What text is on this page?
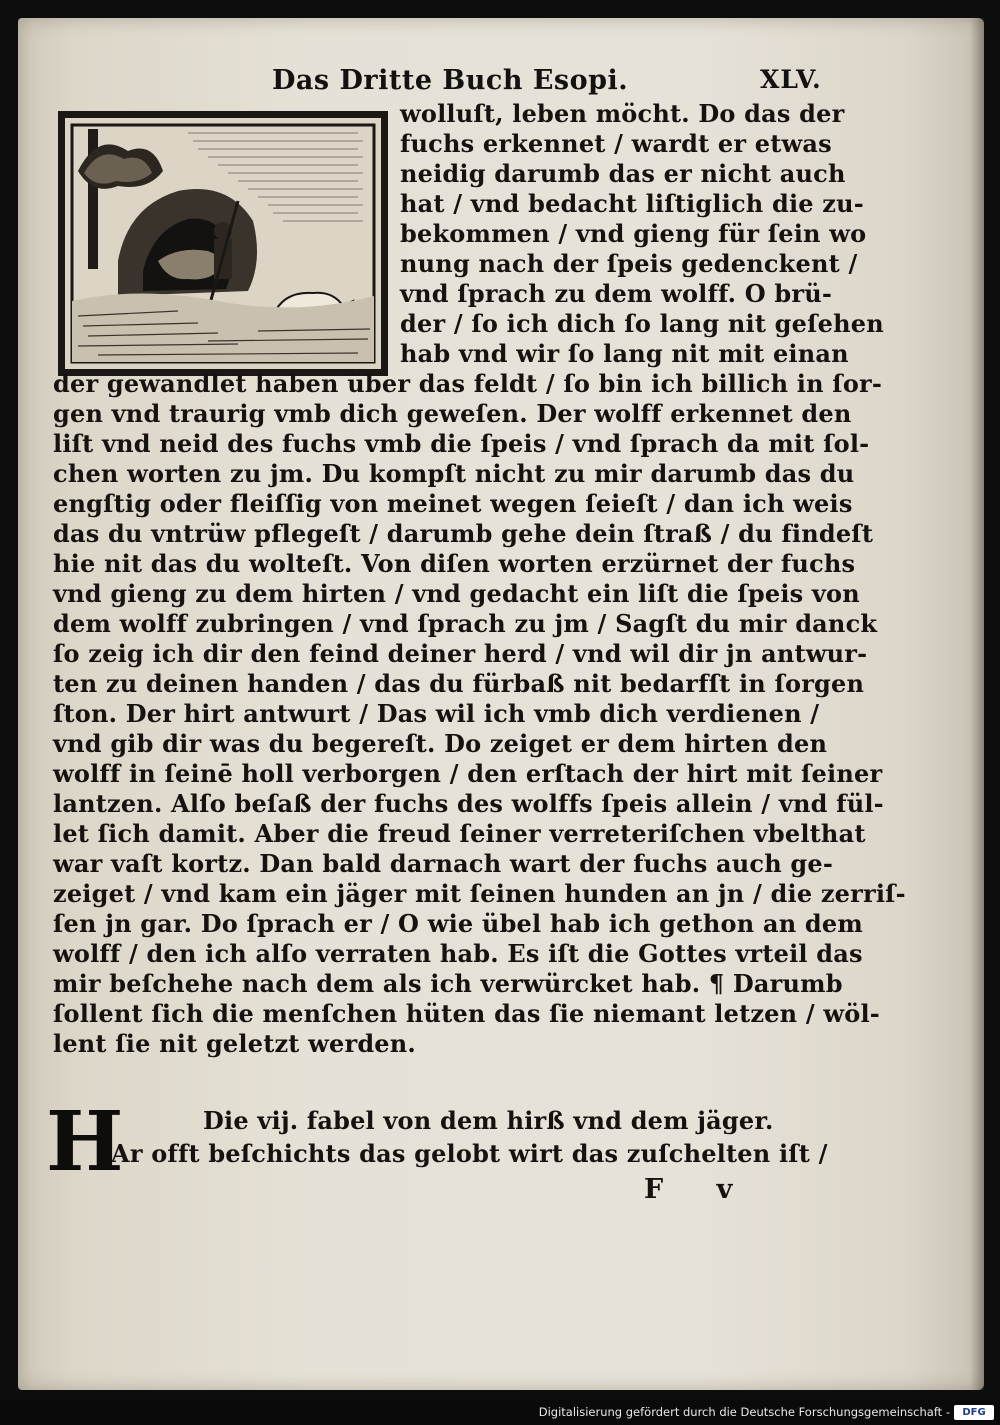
Das Dritte Buch Esopi.	XLV.
wolluſt, leben möcht. Do das der
fuchs erkennet / wardt er etwas
neidig darumb das er nicht auch
hat / vnd bedacht liſtiglich die zu-
bekommen / vnd gieng für ſein wo
nung nach der ſpeis gedenckent /
vnd ſprach zu dem wolff. O brü-
der / ſo ich dich ſo lang nit geſehen
hab vnd wir ſo lang nit mit einan
der gewandlet haben über das feldt / ſo bin ich billich in ſor-
gen vnd traurig vmb dich geweſen. Der wolff erkennet den
liſt vnd neid des fuchs vmb die ſpeis / vnd ſprach da mit ſol-
chen worten zu jm. Du kompſt nicht zu mir darumb das du
engſtig oder fleiſſig von meinet wegen ſeieſt / dan ich weis
das du vntrüw pflegeſt / darumb gehe dein ſtraß / du findeſt
hie nit das du wolteſt. Von diſen worten erzürnet der fuchs
vnd gieng zu dem hirten / vnd gedacht ein liſt die ſpeis von
dem wolff zubringen / vnd ſprach zu jm / Sagſt du mir danck
ſo zeig ich dir den feind deiner herd / vnd wil dir jn antwur-
ten zu deinen handen / das du fürbaß nit bedarfſt in ſorgen
ſton. Der hirt antwurt / Das wil ich vmb dich verdienen /
vnd gib dir was du begereſt. Do zeiget er dem hirten den
wolff in ſeinē holl verborgen / den erſtach der hirt mit ſeiner
lantzen. Alſo beſaß der fuchs des wolffs ſpeis allein / vnd fül-
let ſich damit. Aber die freud ſeiner verreteriſchen vbelthat
war vaſt kortz. Dan bald darnach wart der fuchs auch ge-
zeiget / vnd kam ein jäger mit ſeinen hunden an jn / die zerriſ-
ſen jn gar. Do ſprach er / O wie übel hab ich gethon an dem
wolff / den ich alſo verraten hab. Es iſt die Gottes vrteil das
mir beſchehe nach dem als ich verwürcket hab. ¶ Darumb
ſollent ſich die menſchen hüten das ſie niemant letzen / wöl-
lent ſie nit geletzt werden.
H	Die vij. fabel von dem hirß vnd dem jäger.
Ar offt beſchichts das gelobt wirt das zuſchelten iſt /
F v
Digitalisierung gefördert durch die Deutsche Forschungsgemeinschaft -	DFG
